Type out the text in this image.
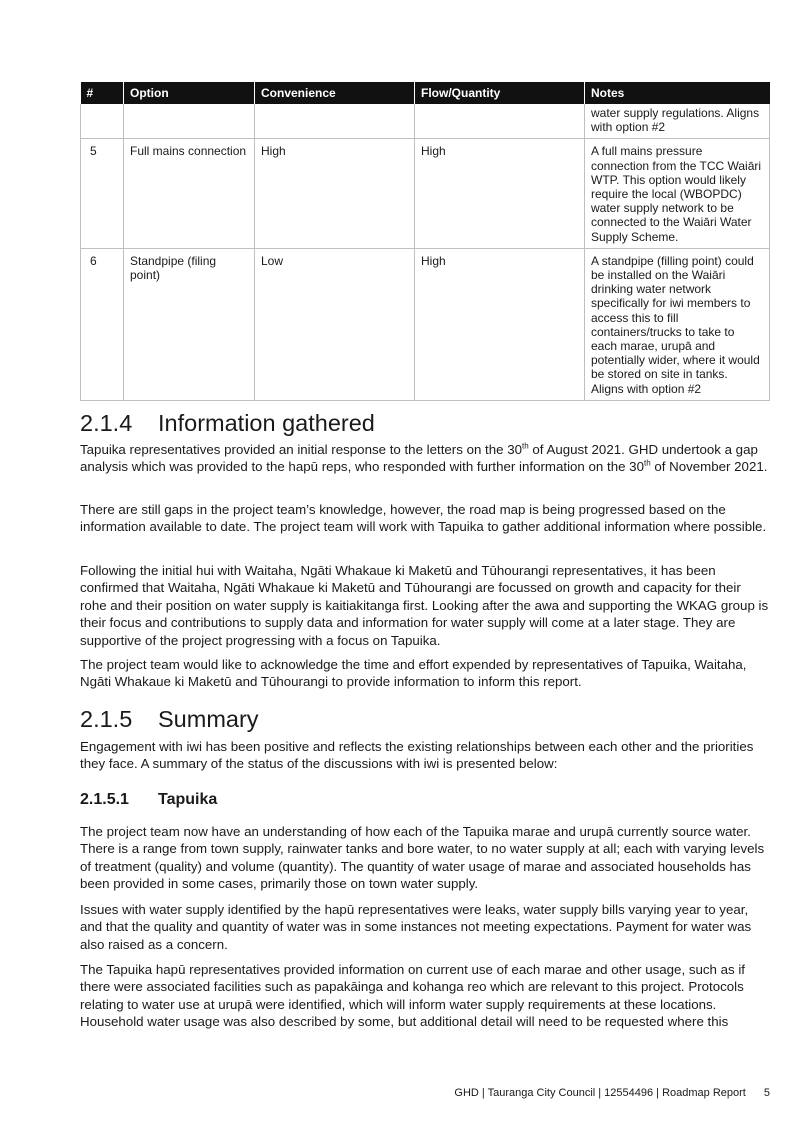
#	Option	Convenience	Flow/Quantity	Notes
				water supply regulations. Aligns with option #2
5	Full mains connection	High	High	A full mains pressure connection from the TCC Waiāri WTP. This option would likely require the local (WBOPDC) water supply network to be connected to the Waiāri Water Supply Scheme.
6	Standpipe (filing point)	Low	High	A standpipe (filling point) could be installed on the Waiāri drinking water network specifically for iwi members to access this to fill containers/trucks to take to each marae, urupā and potentially wider, where it would be stored on site in tanks. Aligns with option #2
2.1.4 Information gathered

Tapuika representatives provided an initial response to the letters on the 30th of August 2021. GHD undertook a gap analysis which was provided to the hapū reps, who responded with further information on the 30th of November 2021.

There are still gaps in the project team’s knowledge, however, the road map is being progressed based on the information available to date. The project team will work with Tapuika to gather additional information where possible.

Following the initial hui with Waitaha, Ngāti Whakaue ki Maketū and Tūhourangi representatives, it has been confirmed that Waitaha, Ngāti Whakaue ki Maketū and Tūhourangi are focussed on growth and capacity for their rohe and their position on water supply is kaitiakitanga first. Looking after the awa and supporting the WKAG group is their focus and contributions to supply data and information for water supply will come at a later stage. They are supportive of the project progressing with a focus on Tapuika.

The project team would like to acknowledge the time and effort expended by representatives of Tapuika, Waitaha, Ngāti Whakaue ki Maketū and Tūhourangi to provide information to inform this report.

2.1.5 Summary

Engagement with iwi has been positive and reflects the existing relationships between each other and the priorities they face. A summary of the status of the discussions with iwi is presented below:

2.1.5.1 Tapuika

The project team now have an understanding of how each of the Tapuika marae and urupā currently source water. There is a range from town supply, rainwater tanks and bore water, to no water supply at all; each with varying levels of treatment (quality) and volume (quantity). The quantity of water usage of marae and associated households has been provided in some cases, primarily those on town water supply.

Issues with water supply identified by the hapū representatives were leaks, water supply bills varying year to year, and that the quality and quantity of water was in some instances not meeting expectations. Payment for water was also raised as a concern.

The Tapuika hapū representatives provided information on current use of each marae and other usage, such as if there were associated facilities such as papakāinga and kohanga reo which are relevant to this project. Protocols relating to water use at urupā were identified, which will inform water supply requirements at these locations. Household water usage was also described by some, but additional detail will need to be requested where this

GHD | Tauranga City Council | 12554496 | Roadmap Report 5
